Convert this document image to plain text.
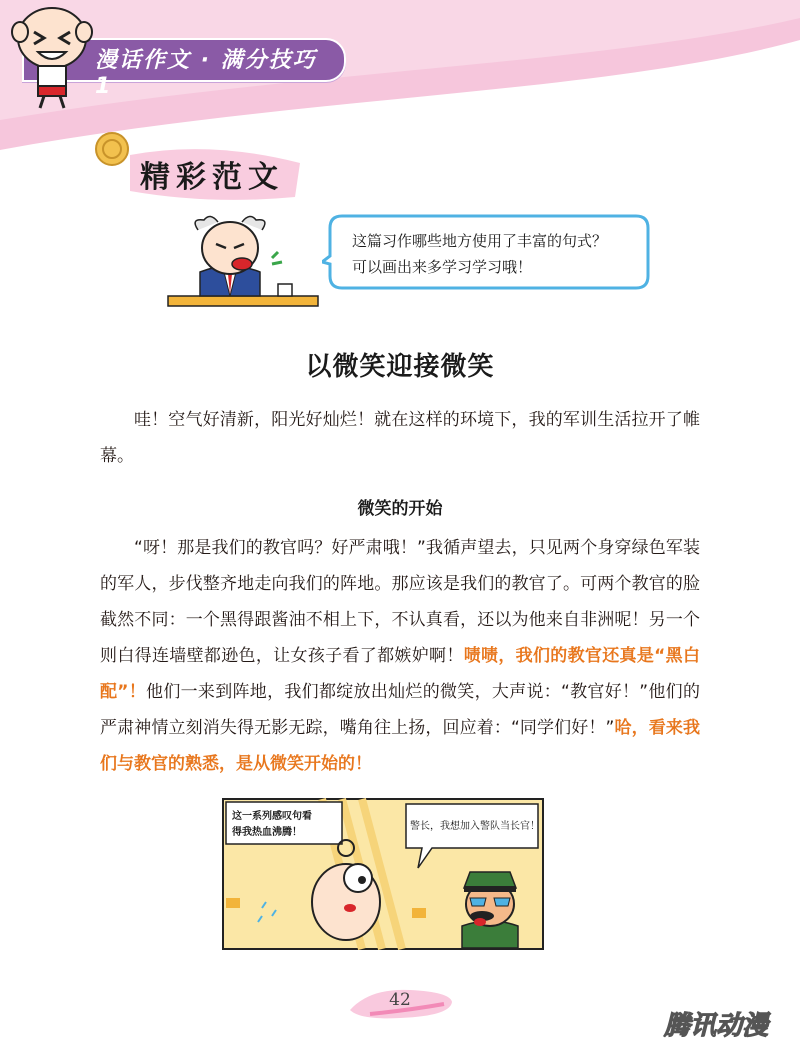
漫话作文 · 满分技巧 1
精彩范文
这篇习作哪些地方使用了丰富的句式？
可以画出来多学习学习哦！
以微笑迎接微笑

哇！空气好清新，阳光好灿烂！就在这样的环境下，我的军训生活拉开了帷幕。

微笑的开始

“呀！那是我们的教官吗？好严肃哦！”我循声望去，只见两个身穿绿色军装的军人，步伐整齐地走向我们的阵地。那应该是我们的教官了。可两个教官的脸截然不同：一个黑得跟酱油不相上下，不认真看，还以为他来自非洲呢！另一个则白得连墙壁都逊色，让女孩子看了都嫉妒啊！啧啧，我们的教官还真是“黑白配”！他们一来到阵地，我们都绽放出灿烂的微笑，大声说：“教官好！”他们的严肃神情立刻消失得无影无踪，嘴角往上扬，回应着：“同学们好！”哈，看来我们与教官的熟悉，是从微笑开始的！

这一系列感叹句看
得我热血沸腾！
警长，我想加入警队当长官！
42
腾讯动漫
